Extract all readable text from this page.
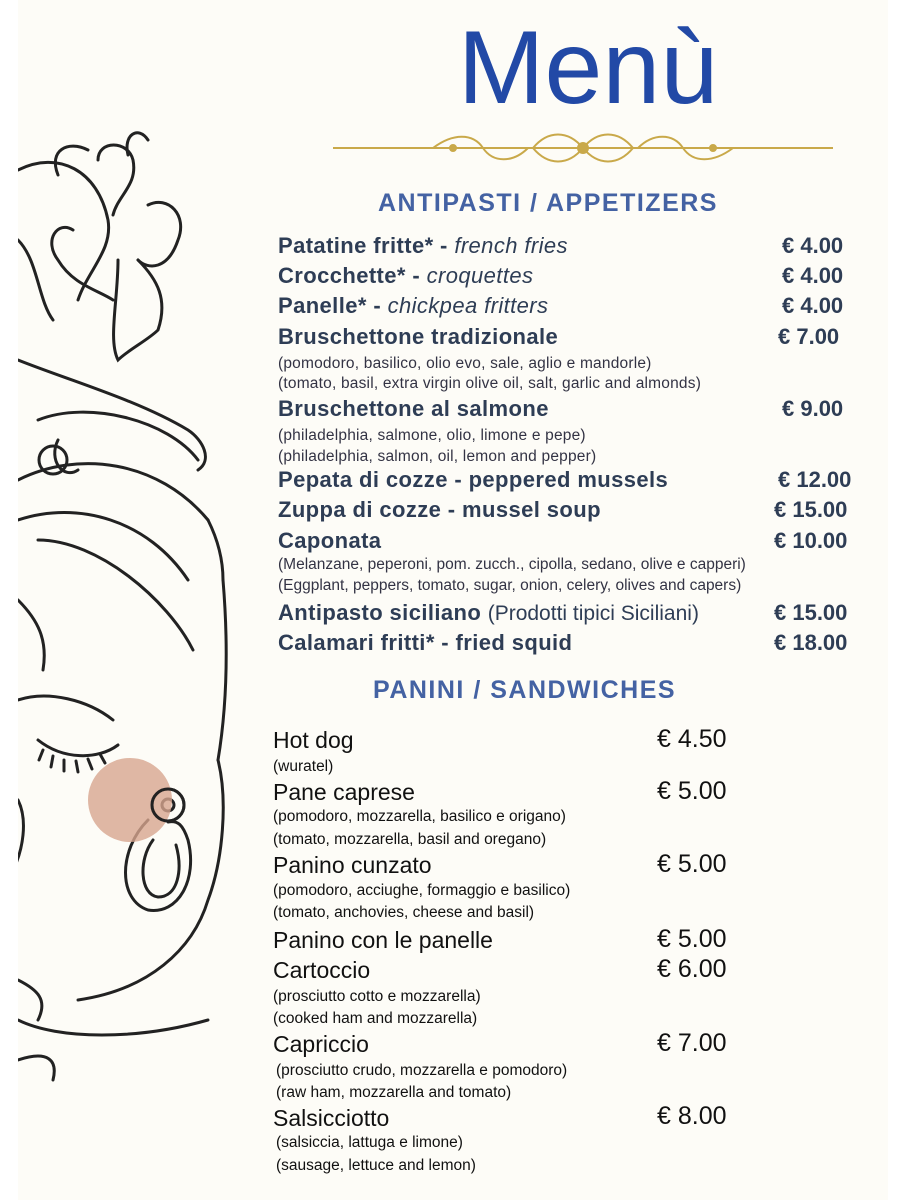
Menù
ANTIPASTI / APPETIZERS
Patatine fritte* - french fries	€ 4.00
Crocchette* - croquettes	€ 4.00
Panelle* - chickpea fritters	€ 4.00
Bruschettone tradizionale	€ 7.00
(pomodoro, basilico, olio evo, sale, aglio e mandorle)
(tomato, basil, extra virgin olive oil, salt, garlic and almonds)
Bruschettone al salmone	€ 9.00
(philadelphia, salmone, olio, limone e pepe)
(philadelphia, salmon, oil, lemon and pepper)
Pepata di cozze - peppered mussels	€ 12.00
Zuppa di cozze - mussel soup	€ 15.00
Caponata	€ 10.00
(Melanzane, peperoni, pom. zucch., cipolla, sedano, olive e capperi)
(Eggplant, peppers, tomato, sugar, onion, celery, olives and capers)
Antipasto siciliano (Prodotti tipici Siciliani)	€ 15.00
Calamari fritti* - fried squid	€ 18.00
PANINI / SANDWICHES
Hot dog	€ 4.50
(wuratel)
Pane caprese	€ 5.00
(pomodoro, mozzarella, basilico e origano)
(tomato, mozzarella, basil and oregano)
Panino cunzato	€ 5.00
(pomodoro, acciughe, formaggio e basilico)
(tomato, anchovies, cheese and basil)
Panino con le panelle	€ 5.00
Cartoccio	€ 6.00
(prosciutto cotto e mozzarella)
(cooked ham and mozzarella)
Capriccio	€ 7.00
(prosciutto crudo, mozzarella e pomodoro)
(raw ham, mozzarella and tomato)
Salsicciotto	€ 8.00
(salsiccia, lattuga e limone)
(sausage, lettuce and lemon)
